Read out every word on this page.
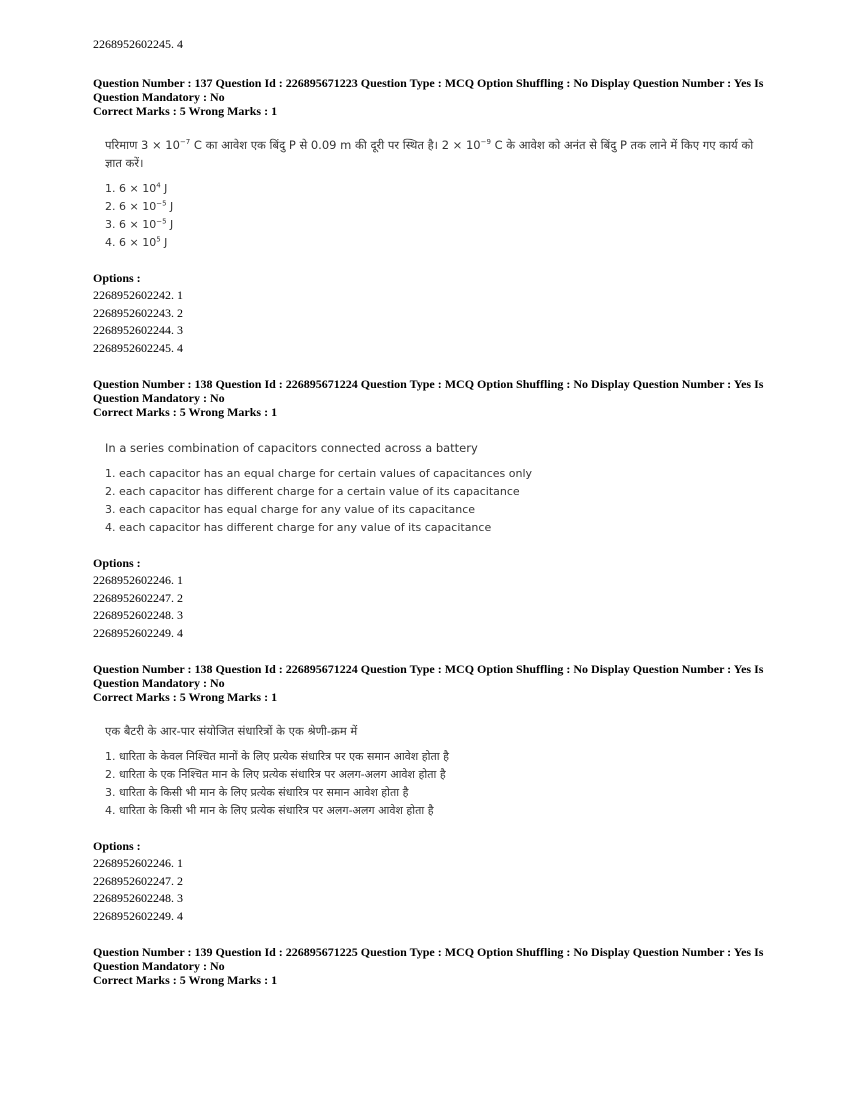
2268952602245. 4
Question Number : 137 Question Id : 226895671223 Question Type : MCQ Option Shuffling : No Display Question Number : Yes Is Question Mandatory : No
Correct Marks : 5 Wrong Marks : 1
परिमाण $3 \times 10^{-7}$ C का आवेश एक बिंदु P से 0.09 m की दूरी पर स्थित है। $2 \times 10^{-9}$ C के आवेश को अनंत से बिंदु P तक लाने में किए गए कार्य को ज्ञात करें।
1. $6 \times 10^4$ J
2. $6 \times 10^{-5}$ J
3. $6 \times 10^{-5}$ J
4. $6 \times 10^5$ J
Options :
2268952602242. 1
2268952602243. 2
2268952602244. 3
2268952602245. 4
Question Number : 138 Question Id : 226895671224 Question Type : MCQ Option Shuffling : No Display Question Number : Yes Is Question Mandatory : No
Correct Marks : 5 Wrong Marks : 1
In a series combination of capacitors connected across a battery
1. each capacitor has an equal charge for certain values of capacitances only
2. each capacitor has different charge for a certain value of its capacitance
3. each capacitor has equal charge for any value of its capacitance
4. each capacitor has different charge for any value of its capacitance
Options :
2268952602246. 1
2268952602247. 2
2268952602248. 3
2268952602249. 4
Question Number : 138 Question Id : 226895671224 Question Type : MCQ Option Shuffling : No Display Question Number : Yes Is Question Mandatory : No
Correct Marks : 5 Wrong Marks : 1
एक बैटरी के आर-पार संयोजित संधारित्रों के एक श्रेणी-क्रम में
1. धारिता के केवल निश्चित मानों के लिए प्रत्येक संधारित्र पर एक समान आवेश होता है
2. धारिता के एक निश्चित मान के लिए प्रत्येक संधारित्र पर अलग-अलग आवेश होता है
3. धारिता के किसी भी मान के लिए प्रत्येक संधारित्र पर समान आवेश होता है
4. धारिता के किसी भी मान के लिए प्रत्येक संधारित्र पर अलग-अलग आवेश होता है
Options :
2268952602246. 1
2268952602247. 2
2268952602248. 3
2268952602249. 4
Question Number : 139 Question Id : 226895671225 Question Type : MCQ Option Shuffling : No Display Question Number : Yes Is Question Mandatory : No
Correct Marks : 5 Wrong Marks : 1
